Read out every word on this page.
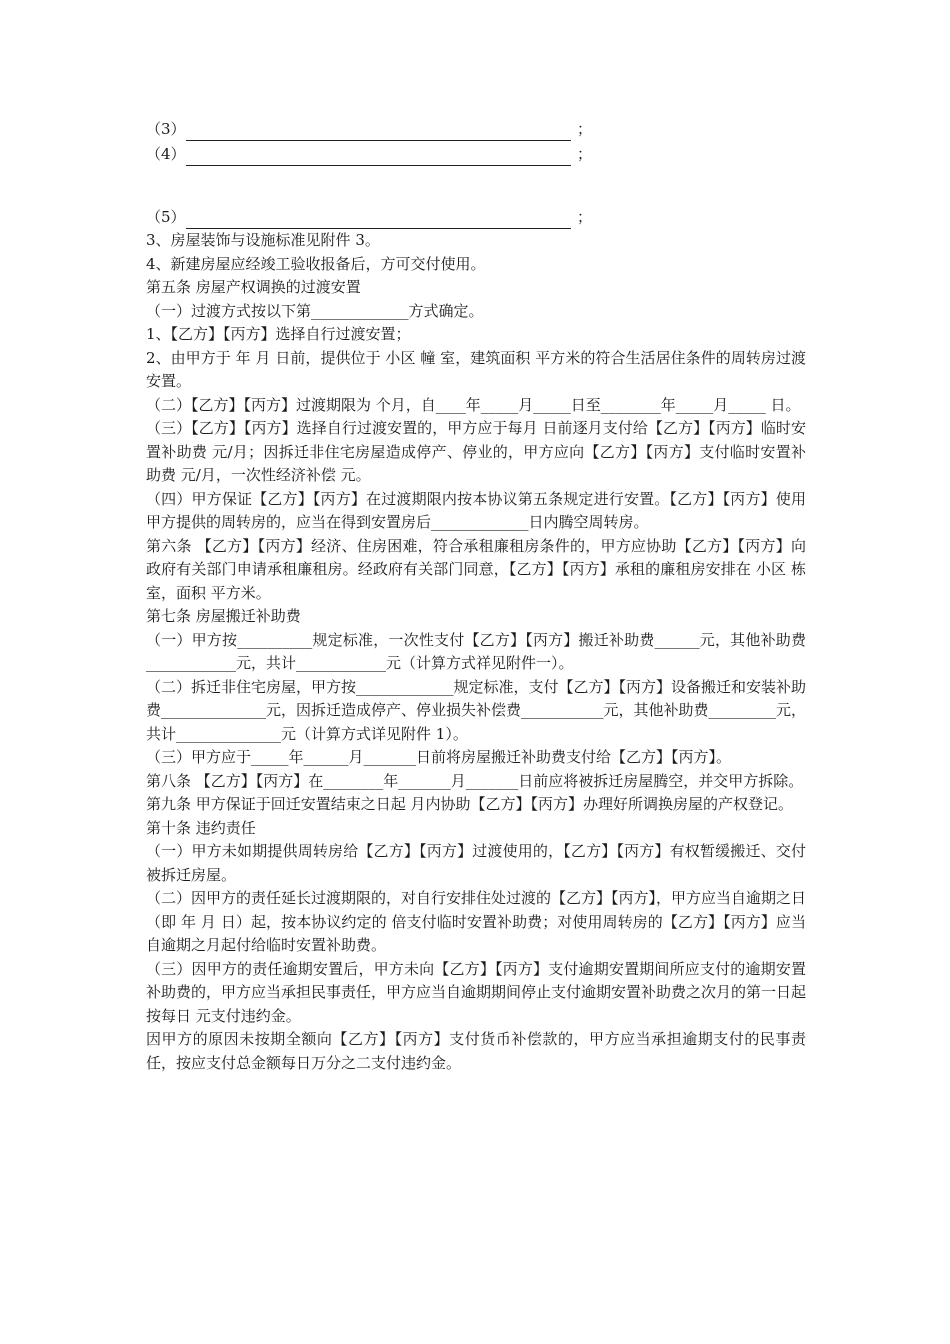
（3）	；
（4）	；
（5）	；

3、房屋装饰与设施标准见附件 3。

4、新建房屋应经竣工验收报备后，方可交付使用。

第五条 房屋产权调换的过渡安置

（一）过渡方式按以下第_____________方式确定。

1、【乙方】【丙方】选择自行过渡安置；

2、由甲方于 年 月 日前，提供位于 小区 幢 室，建筑面积 平方米的符合生活居住条件的周转房过渡安置。

（二）【乙方】【丙方】过渡期限为 个月，自____年_____月_____日至________年_____月_____ 日。

（三）【乙方】【丙方】选择自行过渡安置的，甲方应于每月 日前逐月支付给【乙方】【丙方】临时安置补助费 元/月；因拆迁非住宅房屋造成停产、停业的，甲方应向【乙方】【丙方】支付临时安置补助费 元/月，一次性经济补偿 元。

（四）甲方保证【乙方】【丙方】在过渡期限内按本协议第五条规定进行安置。【乙方】【丙方】使用甲方提供的周转房的，应当在得到安置房后_____________日内腾空周转房。

第六条 【乙方】【丙方】经济、住房困难，符合承租廉租房条件的，甲方应协助【乙方】【丙方】向政府有关部门申请承租廉租房。经政府有关部门同意，【乙方】【丙方】承租的廉租房安排在 小区 栋 室，面积 平方米。

第七条 房屋搬迁补助费

（一）甲方按__________规定标准，一次性支付【乙方】【丙方】搬迁补助费______元，其他补助费 ____________元，共计____________元（计算方式祥见附件一）。

（二）拆迁非住宅房屋，甲方按_____________规定标准，支付【乙方】【丙方】设备搬迁和安装补助费______________元，因拆迁造成停产、停业损失补偿费___________元，其他补助费_________元，共计______________元（计算方式详见附件 1）。

（三）甲方应于_____年______月_______日前将房屋搬迁补助费支付给【乙方】【丙方】。

第八条 【乙方】【丙方】在________年_______月_______日前应将被拆迁房屋腾空，并交甲方拆除。

第九条 甲方保证于回迁安置结束之日起 月内协助【乙方】【丙方】办理好所调换房屋的产权登记。

第十条 违约责任

（一）甲方未如期提供周转房给【乙方】【丙方】过渡使用的，【乙方】【丙方】有权暂缓搬迁、交付被拆迁房屋。

（二）因甲方的责任延长过渡期限的，对自行安排住处过渡的【乙方】【丙方】，甲方应当自逾期之日（即 年 月 日）起，按本协议约定的 倍支付临时安置补助费；对使用周转房的【乙方】【丙方】应当自逾期之月起付给临时安置补助费。

（三）因甲方的责任逾期安置后，甲方未向【乙方】【丙方】支付逾期安置期间所应支付的逾期安置补助费的，甲方应当承担民事责任，甲方应当自逾期期间停止支付逾期安置补助费之次月的第一日起按每日 元支付违约金。

因甲方的原因未按期全额向【乙方】【丙方】支付货币补偿款的，甲方应当承担逾期支付的民事责任，按应支付总金额每日万分之二支付违约金。
